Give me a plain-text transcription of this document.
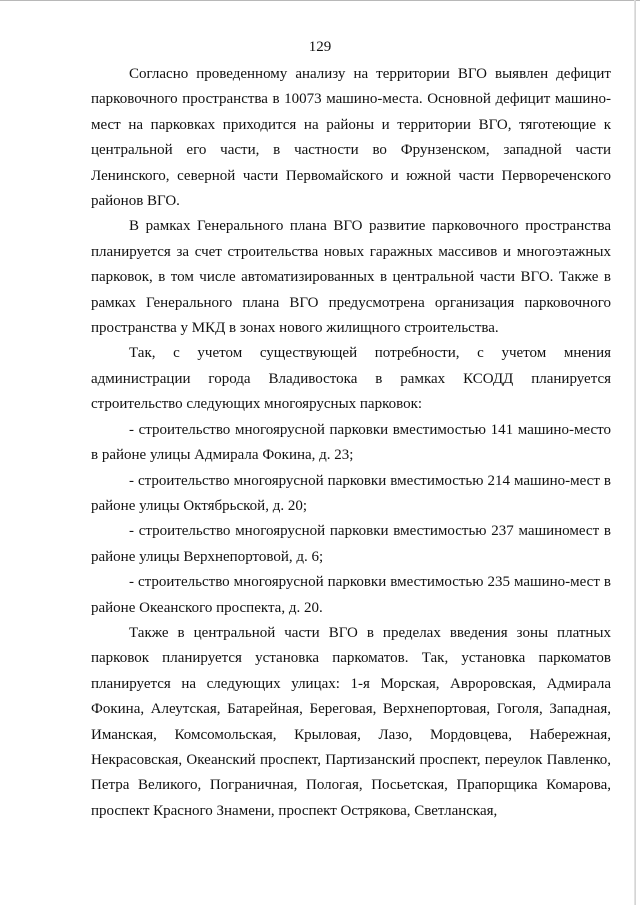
129

Согласно проведенному анализу на территории ВГО выявлен дефицит парковочного пространства в 10073 машино-места. Основной дефицит машино-мест на парковках приходится на районы и территории ВГО, тяготеющие к центральной его части, в частности во Фрунзенском, западной части Ленинского, северной части Первомайского и южной части Первореченского районов ВГО.

В рамках Генерального плана ВГО развитие парковочного пространства планируется за счет строительства новых гаражных массивов и многоэтажных парковок, в том числе автоматизированных в центральной части ВГО. Также в рамках Генерального плана ВГО предусмотрена организация парковочного пространства у МКД в зонах нового жилищного строительства.

Так, с учетом существующей потребности, с учетом мнения администрации города Владивостока в рамках КСОДД планируется строительство следующих многоярусных парковок:

- строительство многоярусной парковки вместимостью 141 машино-место в районе улицы Адмирала Фокина, д. 23;

- строительство многоярусной парковки вместимостью 214 машино-мест в районе улицы Октябрьской, д. 20;

- строительство многоярусной парковки вместимостью 237 машиномест в районе улицы Верхнепортовой, д. 6;

- строительство многоярусной парковки вместимостью 235 машино-мест в районе Океанского проспекта, д. 20.

Также в центральной части ВГО в пределах введения зоны платных парковок планируется установка паркоматов. Так, установка паркоматов планируется на следующих улицах: 1-я Морская, Авроровская, Адмирала Фокина, Алеутская, Батарейная, Береговая, Верхнепортовая, Гоголя, Западная, Иманская, Комсомольская, Крыловая, Лазо, Мордовцева, Набережная, Некрасовская, Океанский проспект, Партизанский проспект, переулок Павленко, Петра Великого, Пограничная, Пологая, Посьетская, Прапорщика Комарова, проспект Красного Знамени, проспект Острякова, Светланская,
